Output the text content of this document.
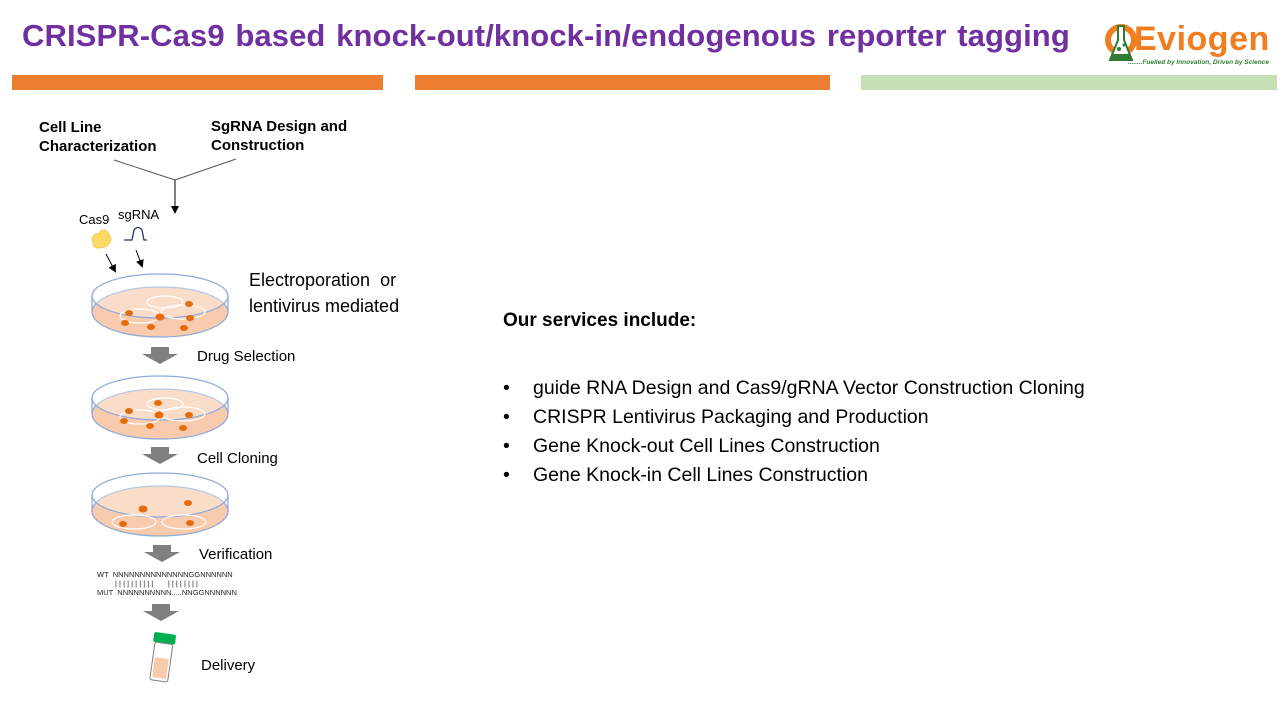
CRISPR-Cas9 based knock-out/knock-in/endogenous reporter tagging Eviogen
........Fuelled by Innovation, Driven by Science
Cell Line
Characterization
SgRNA Design and
Construction
Cas9 sgRNA
Electroporation  or
lentivirus mediated
Drug Selection
Cell Cloning
Verification
Delivery
WT NNNNNNNNNNNNNNGGNNNNNN
| | | | | | | | | |       | | | | | | | |
MUT NNNNNNNNNN.....NNGGNNNNNN
Our services include:
• guide RNA Design and Cas9/gRNA Vector Construction Cloning
• CRISPR Lentivirus Packaging and Production
• Gene Knock-out Cell Lines Construction
• Gene Knock-in Cell Lines Construction
